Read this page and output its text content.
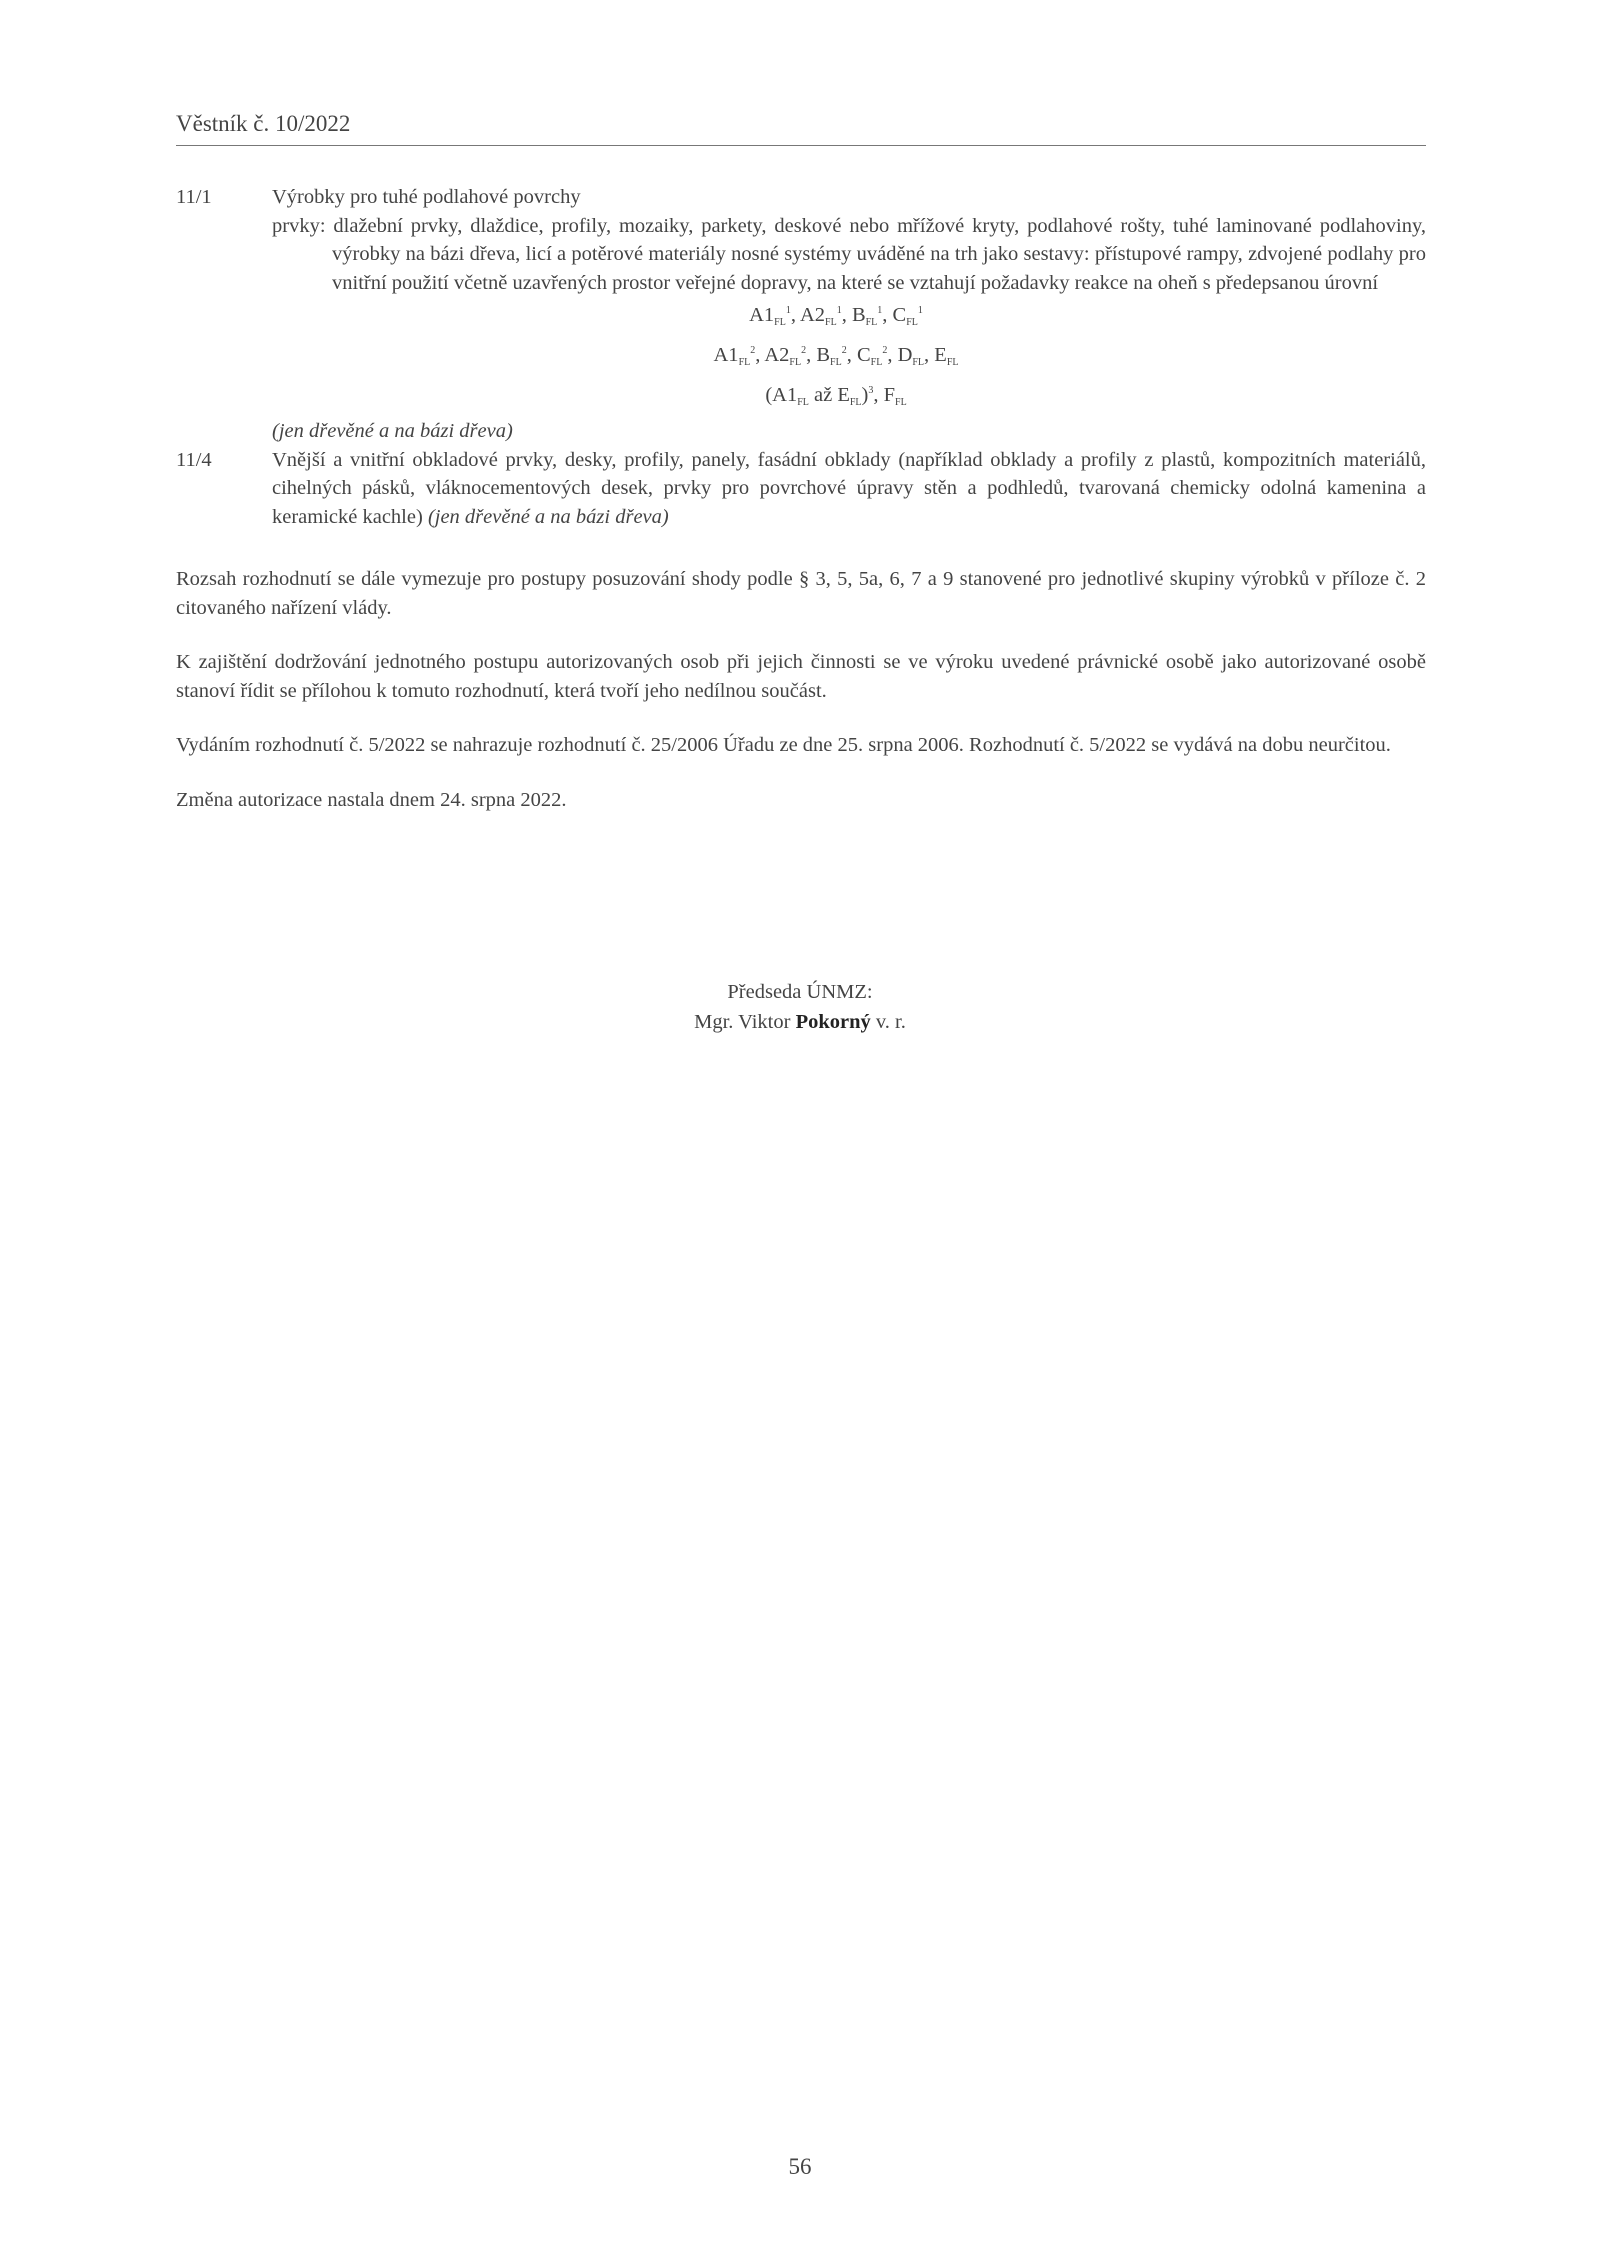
Věstník č. 10/2022
11/1	Výrobky pro tuhé podlahové povrchy
prvky: dlažební prvky, dlaždice, profily, mozaiky, parkety, deskové nebo mřížové kryty, podlahové rošty, tuhé laminované podlahoviny, výrobky na bázi dřeva, licí a potěrové materiály nosné systémy uváděné na trh jako sestavy: přístupové rampy, zdvojené podlahy pro vnitřní použití včetně uzavřených prostor veřejné dopravy, na které se vztahují požadavky reakce na oheň s předepsanou úrovní
$A1_{FL}^1$, $A2_{FL}^1$, $B_{FL}^1$, $C_{FL}^1$
$A1_{FL}^2$, $A2_{FL}^2$, $B_{FL}^2$, $C_{FL}^2$, $D_{FL}$, $E_{FL}$
($A1_{FL}$ až $E_{FL})^3$, $F_{FL}$
(jen dřevěné a na bázi dřeva)
11/4	Vnější a vnitřní obkladové prvky, desky, profily, panely, fasádní obklady (například obklady a profily z plastů, kompozitních materiálů, cihelných pásků, vláknocementových desek, prvky pro povrchové úpravy stěn a podhledů, tvarovaná chemicky odolná kamenina a keramické kachle) (jen dřevěné a na bázi dřeva)
Rozsah rozhodnutí se dále vymezuje pro postupy posuzování shody podle § 3, 5, 5a, 6, 7 a 9 stanovené pro jednotlivé skupiny výrobků v příloze č. 2 citovaného nařízení vlády.
K zajištění dodržování jednotného postupu autorizovaných osob při jejich činnosti se ve výroku uvedené právnické osobě jako autorizované osobě stanoví řídit se přílohou k tomuto rozhodnutí, která tvoří jeho nedílnou součást.
Vydáním rozhodnutí č. 5/2022 se nahrazuje rozhodnutí č. 25/2006 Úřadu ze dne 25. srpna 2006. Rozhodnutí č. 5/2022 se vydává na dobu neurčitou.
Změna autorizace nastala dnem 24. srpna 2022.
Předseda ÚNMZ:
Mgr. Viktor Pokorný v. r.
56
